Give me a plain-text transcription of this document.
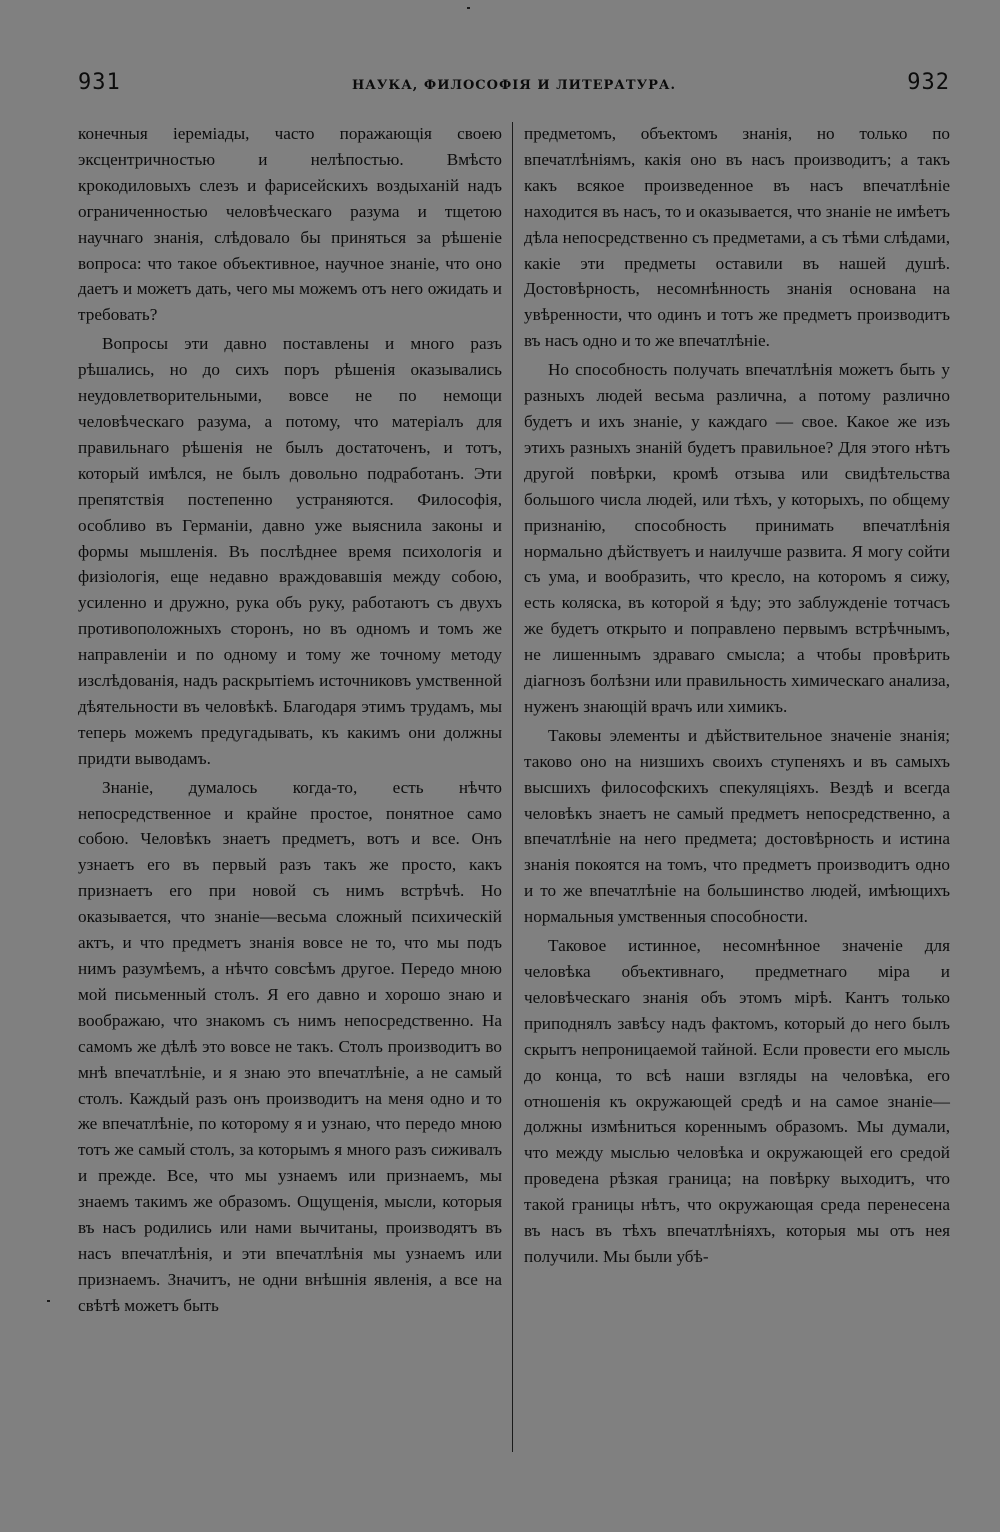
931	НАУКА, ФИЛОСОФІЯ И ЛИТЕРАТУРА.	932

конечныя іеремiады, часто поражающія своею эксцентричностью и нелѣпостью. Вмѣсто крокодиловыхъ слезъ и фарисейскихъ воздыханій надъ ограниченностью человѣческаго разума и тщетою научнаго знанія, слѣдовало бы приняться за рѣшеніе вопроса: что такое объективное, научное знаніе, что оно даетъ и можетъ дать, чего мы можемъ отъ него ожидать и требовать?

Вопросы эти давно поставлены и много разъ рѣшались, но до сихъ поръ рѣшенія оказывались неудовлетворительными, вовсе не по немощи человѣческаго разума, а потому, что матеріалъ для правильнаго рѣшенія не былъ достаточенъ, и тотъ, который имѣлся, не былъ довольно подработанъ. Эти препятствія постепенно устраняются. Философія, особливо въ Германіи, давно уже выяснила законы и формы мышленія. Въ послѣднее время психологія и физіологія, еще недавно враждовавшія между собою, усиленно и дружно, рука объ руку, работаютъ съ двухъ противоположныхъ сторонъ, но въ одномъ и томъ же направленіи и по одному и тому же точному методу изслѣдованія, надъ раскрытіемъ источниковъ умственной дѣятельности въ человѣкѣ. Благодаря этимъ трудамъ, мы теперь можемъ предугадывать, къ какимъ они должны придти выводамъ.

Знаніе, думалось когда-то, есть нѣчто непосредственное и крайне простое, понятное само собою. Человѣкъ знаетъ предметъ, вотъ и все. Онъ узнаетъ его въ первый разъ такъ же просто, какъ признаетъ его при новой съ нимъ встрѣчѣ. Но оказывается, что знаніе—весьма сложный психическій актъ, и что предметъ знанія вовсе не то, что мы подъ нимъ разумѣемъ, а нѣчто совсѣмъ другое. Передо мною мой письменный столъ. Я его давно и хорошо знаю и воображаю, что знакомъ съ нимъ непосредственно. На самомъ же дѣлѣ это вовсе не такъ. Столъ производитъ во мнѣ впечатлѣніе, и я знаю это впечатлѣніе, а не самый столъ. Каждый разъ онъ производитъ на меня одно и то же впечатлѣніе, по которому я и узнаю, что передо мною тотъ же самый столъ, за которымъ я много разъ сиживалъ и прежде. Все, что мы узнаемъ или признаемъ, мы знаемъ такимъ же образомъ. Ощущенія, мысли, которыя въ насъ родились или нами вычитаны, производятъ въ насъ впечатлѣнія, и эти впечатлѣнія мы узнаемъ или признаемъ. Значитъ, не одни внѣшнія явленія, а все на свѣтѣ можетъ быть

предметомъ, объектомъ знанія, но только по впечатлѣніямъ, какія оно въ насъ производитъ; а такъ какъ всякое произведенное въ насъ впечатлѣніе находится въ насъ, то и оказывается, что знаніе не имѣетъ дѣла непосредственно съ предметами, а съ тѣми слѣдами, какіе эти предметы оставили въ нашей душѣ. Достовѣрность, несомнѣнность знанія основана на увѣренности, что одинъ и тотъ же предметъ производитъ въ насъ одно и то же впечатлѣніе.

Но способность получать впечатлѣнія можетъ быть у разныхъ людей весьма различна, а потому различно будетъ и ихъ знаніе, у каждаго — свое. Какое же изъ этихъ разныхъ знаній будетъ правильное? Для этого нѣтъ другой повѣрки, кромѣ отзыва или свидѣтельства большого числа людей, или тѣхъ, у которыхъ, по общему признанію, способность принимать впечатлѣнія нормально дѣйствуетъ и наилучше развита. Я могу сойти съ ума, и вообразить, что кресло, на которомъ я сижу, есть коляска, въ которой я ѣду; это заблужденіе тотчасъ же будетъ открыто и поправлено первымъ встрѣчнымъ, не лишеннымъ здраваго смысла; а чтобы провѣрить діагнозъ болѣзни или правильность химическаго анализа, нуженъ знающій врачъ или химикъ.

Таковы элементы и дѣйствительное значеніе знанія; таково оно на низшихъ своихъ ступеняхъ и въ самыхъ высшихъ философскихъ спекуляціяхъ. Вездѣ и всегда человѣкъ знаетъ не самый предметъ непосредственно, а впечатлѣніе на него предмета; достовѣрность и истина знанія покоятся на томъ, что предметъ производитъ одно и то же впечатлѣніе на большинство людей, имѣющихъ нормальныя умственныя способности.

Таковое истинное, несомнѣнное значеніе для человѣка объективнаго, предметнаго міра и человѣческаго знанія объ этомъ мірѣ. Кантъ только приподнялъ завѣсу надъ фактомъ, который до него былъ скрытъ непроницаемой тайной. Если провести его мысль до конца, то всѣ наши взгляды на человѣка, его отношенія къ окружающей средѣ и на самое знаніе—должны измѣниться кореннымъ образомъ. Мы думали, что между мыслью человѣка и окружающей его средой проведена рѣзкая граница; на повѣрку выходитъ, что такой границы нѣтъ, что окружающая среда перенесена въ насъ въ тѣхъ впечатлѣніяхъ, которыя мы отъ нея получили. Мы были убѣ-
